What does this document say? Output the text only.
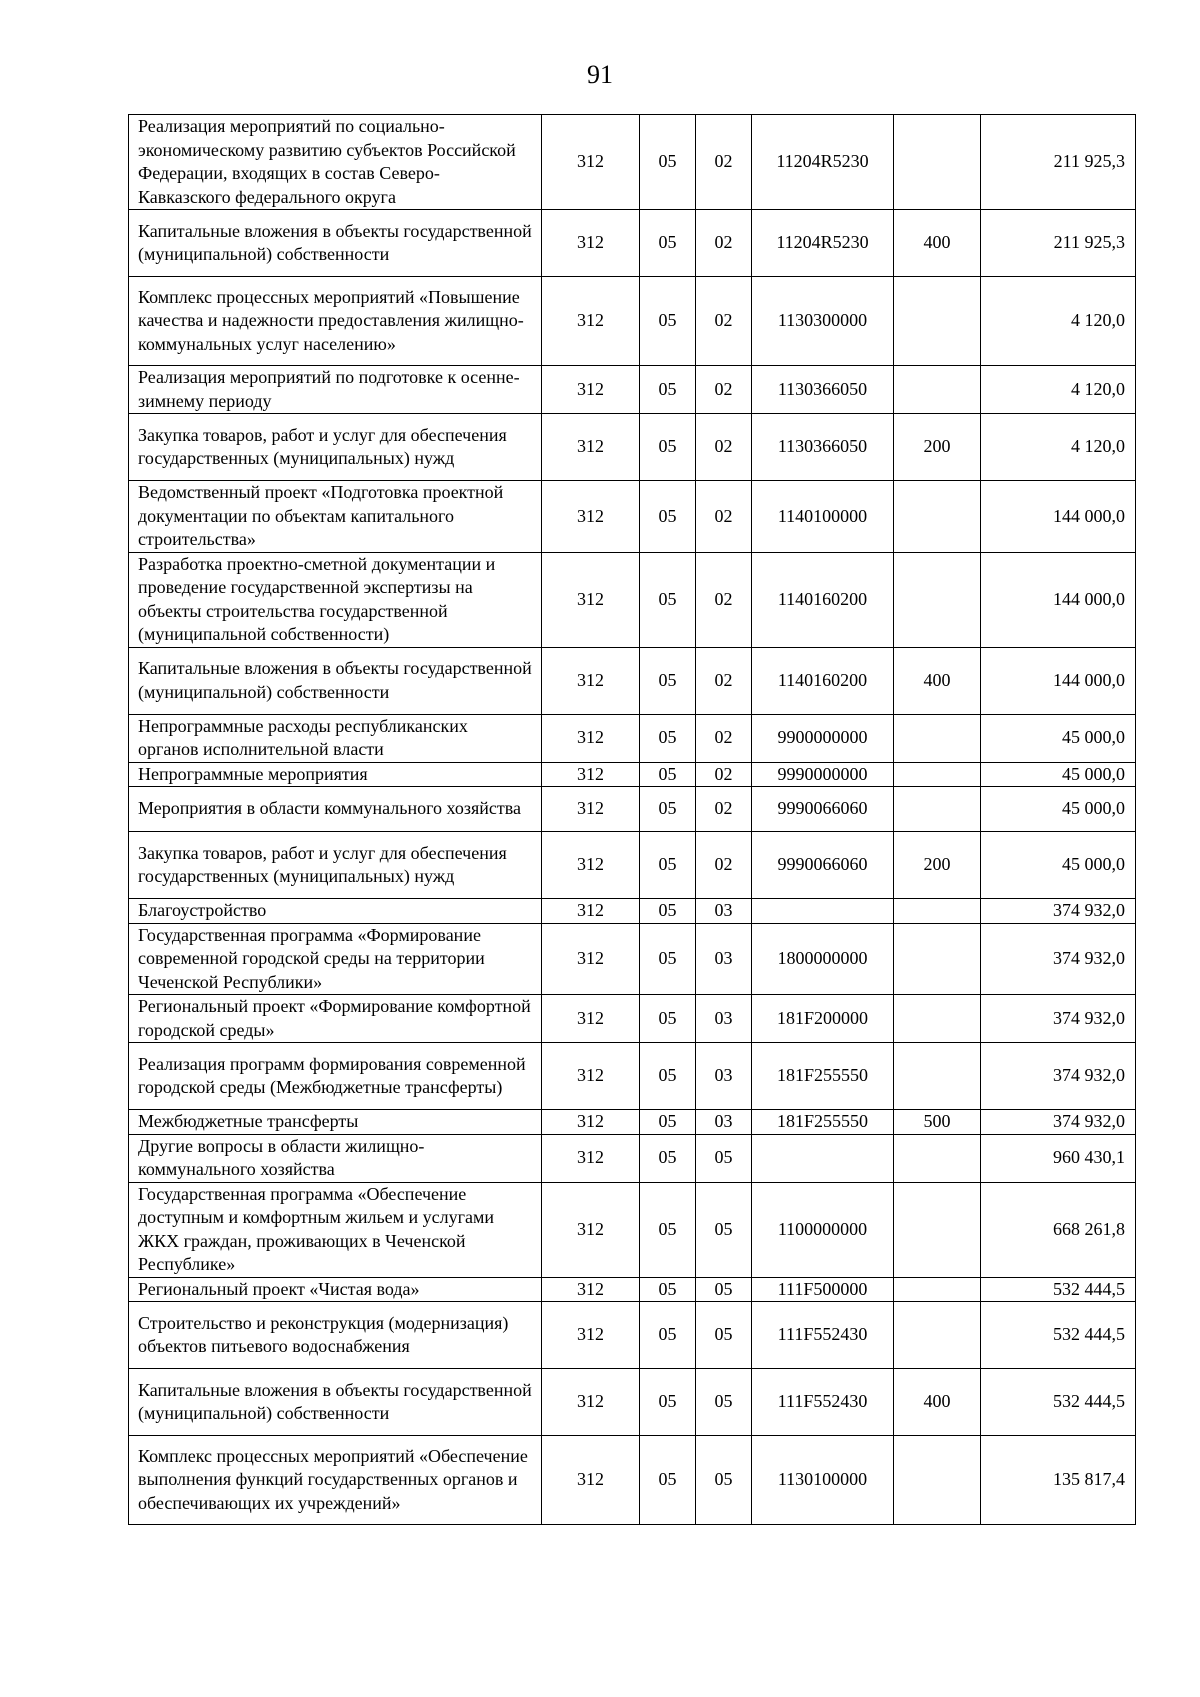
91
Реализация мероприятий по социально-экономическому развитию субъектов Российской Федерации, входящих в состав Северо-Кавказского федерального округа	312	05	02	11204R5230		211 925,3
Капитальные вложения в объекты государственной (муниципальной) собственности	312	05	02	11204R5230	400	211 925,3
Комплекс процессных мероприятий «Повышение качества и надежности предоставления жилищно-коммунальных услуг населению»	312	05	02	1130300000		4 120,0
Реализация мероприятий по подготовке к осенне-зимнему периоду	312	05	02	1130366050		4 120,0
Закупка товаров, работ и услуг для обеспечения государственных (муниципальных) нужд	312	05	02	1130366050	200	4 120,0
Ведомственный проект «Подготовка проектной документации по объектам капитального строительства»	312	05	02	1140100000		144 000,0
Разработка проектно-сметной документации и проведение государственной экспертизы на объекты строительства государственной (муниципальной собственности)	312	05	02	1140160200		144 000,0
Капитальные вложения в объекты государственной (муниципальной) собственности	312	05	02	1140160200	400	144 000,0
Непрограммные расходы республиканских органов исполнительной власти	312	05	02	9900000000		45 000,0
Непрограммные мероприятия	312	05	02	9990000000		45 000,0
Мероприятия в области коммунального хозяйства	312	05	02	9990066060		45 000,0
Закупка товаров, работ и услуг для обеспечения государственных (муниципальных) нужд	312	05	02	9990066060	200	45 000,0
Благоустройство	312	05	03			374 932,0
Государственная программа «Формирование современной городской среды на территории Чеченской Республики»	312	05	03	1800000000		374 932,0
Региональный проект «Формирование комфортной городской среды»	312	05	03	181F200000		374 932,0
Реализация программ формирования современной городской среды (Межбюджетные трансферты)	312	05	03	181F255550		374 932,0
Межбюджетные трансферты	312	05	03	181F255550	500	374 932,0
Другие вопросы в области жилищно-коммунального хозяйства	312	05	05			960 430,1
Государственная программа «Обеспечение доступным и комфортным жильем и услугами ЖКХ граждан, проживающих в Чеченской Республике»	312	05	05	1100000000		668 261,8
Региональный проект «Чистая вода»	312	05	05	111F500000		532 444,5
Строительство и реконструкция (модернизация) объектов питьевого водоснабжения	312	05	05	111F552430		532 444,5
Капитальные вложения в объекты государственной (муниципальной) собственности	312	05	05	111F552430	400	532 444,5
Комплекс процессных мероприятий «Обеспечение выполнения функций государственных органов и обеспечивающих их учреждений»	312	05	05	1130100000		135 817,4
